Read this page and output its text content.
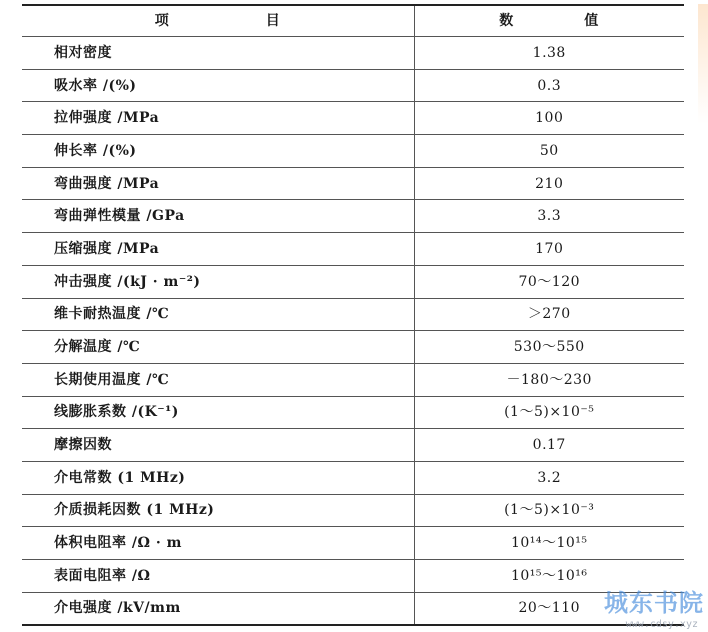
项 目	数 值
相对密度	1.38
吸水率 /(%)	0.3
拉伸强度 /MPa	100
伸长率 /(%)	50
弯曲强度 /MPa	210
弯曲弹性模量 /GPa	3.3
压缩强度 /MPa	170
冲击强度 /(kJ · m⁻²)	70～120
维卡耐热温度 /℃	＞270
分解温度 /℃	530～550
长期使用温度 /℃	－180～230
线膨胀系数 /(K⁻¹)	(1～5)×10⁻⁵
摩擦因数	0.17
介电常数 (1 MHz)	3.2
介质损耗因数 (1 MHz)	(1～5)×10⁻³
体积电阻率 /Ω · m	10¹⁴～10¹⁵
表面电阻率 /Ω	10¹⁵～10¹⁶
介电强度 /kV/mm	20～110 城东书院
www.cdsy.xyz
